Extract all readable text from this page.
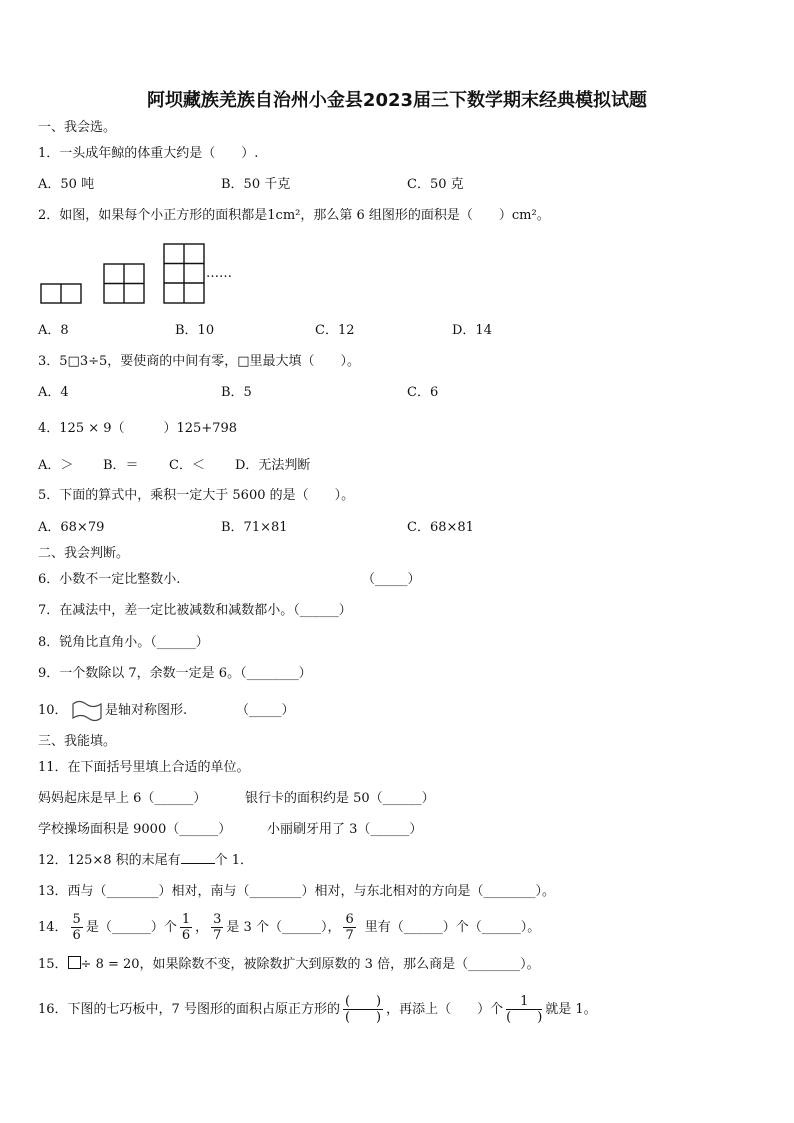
阿坝藏族羌族自治州小金县2023届三下数学期末经典模拟试题
一、我会选。
1．一头成年鲸的体重大约是（　　）.
A．50 吨	B．50 千克	C．50 克
2．如图，如果每个小正方形的面积都是1cm²，那么第 6 组图形的面积是（　　）cm²。
……
A．8	B．10	C．12	D．14
3．5□3÷5，要使商的中间有零，□里最大填（　　）。
A．4	B．5	C．6
4．125 × 9（　　　）125+798
A．＞ B．＝ C．＜ D．无法判断
5．下面的算式中，乘积一定大于 5600 的是（　　）。
A．68×79	B．71×81	C．68×81
二、我会判断。
6．小数不一定比整数小.	（_____）
7．在减法中，差一定比被减数和减数都小。（______）
8．锐角比直角小。（______）
9．一个数除以 7，余数一定是 6。（________）
10．	是轴对称图形.	（_____）
三、我能填。
11．在下面括号里填上合适的单位。
妈妈起床是早上 6（______）	银行卡的面积约是 50（______）
学校操场面积是 9000（______）	小丽刷牙用了 3（______）
12．125×8 积的末尾有	个 1．
13．西与（________）相对，南与（________）相对，与东北相对的方向是（________）。
14． $\frac{5}{6}$ 是（______）个 $\frac{1}{6}$ ， $\frac{3}{7}$ 是 3 个（______）， $\frac{6}{7}$ 里有（______）个（______）。
15． ÷ 8 = 20，如果除数不变，被除数扩大到原数的 3 倍，那么商是（________）。
16．下图的七巧板中，7 号图形的面积占原正方形的 $\frac{( )}{( )}$ ，再添上（　　）个 $\frac{1}{( )}$ 就是 1。
